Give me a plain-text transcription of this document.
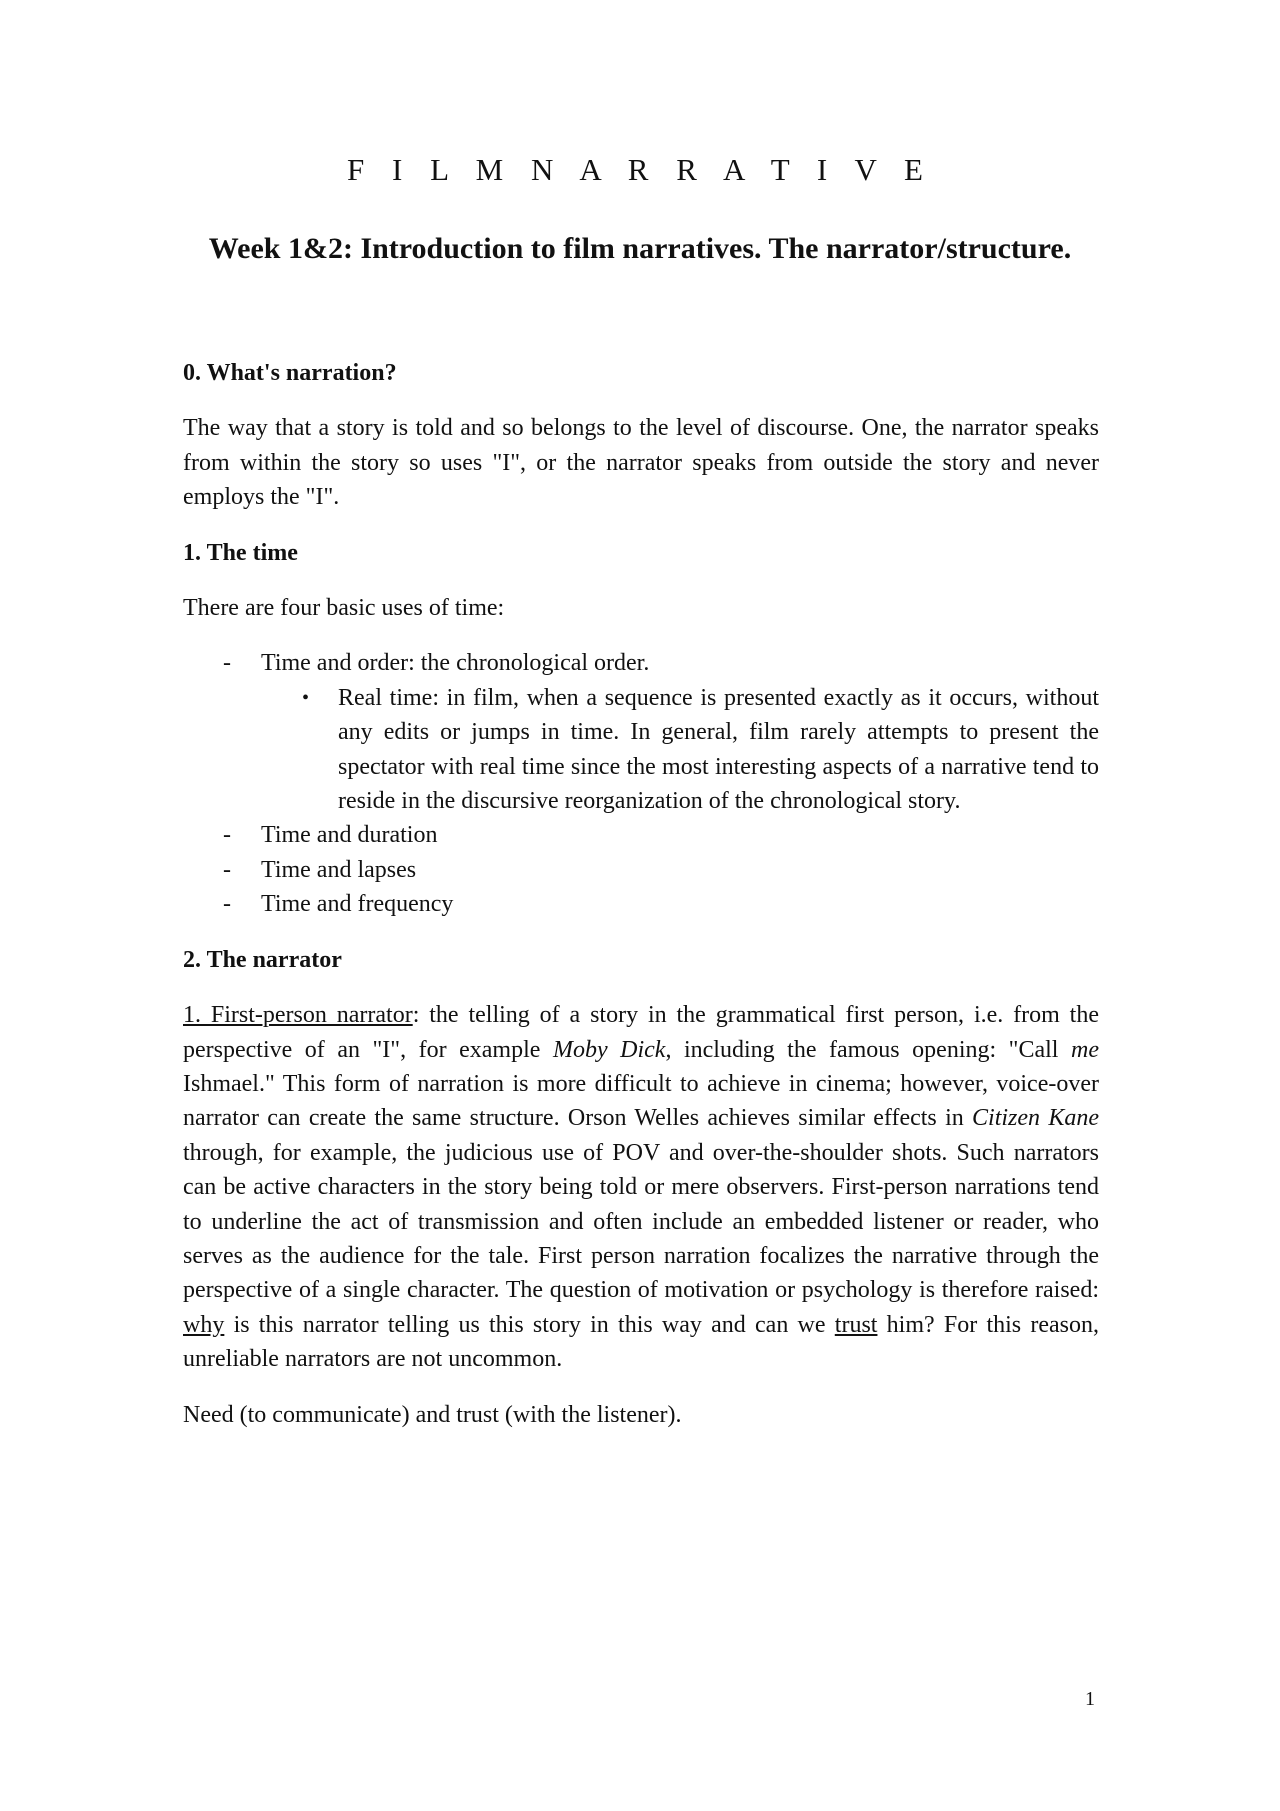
F I L M N A R R A T I V E
Week 1&2: Introduction to film narratives. The narrator/structure.

0. What's narration?

The way that a story is told and so belongs to the level of discourse. One, the narrator speaks from within the story so uses "I", or the narrator speaks from outside the story and never employs the "I".

1. The time

There are four basic uses of time:

- Time and order: the chronological order.
• Real time: in film, when a sequence is presented exactly as it occurs, without any edits or jumps in time. In general, film rarely attempts to present the spectator with real time since the most interesting aspects of a narrative tend to reside in the discursive reorganization of the chronological story.
- Time and duration
- Time and lapses
- Time and frequency

2. The narrator

1. First-person narrator: the telling of a story in the grammatical first person, i.e. from the perspective of an "I", for example Moby Dick, including the famous opening: "Call me Ishmael." This form of narration is more difficult to achieve in cinema; however, voice-over narrator can create the same structure. Orson Welles achieves similar effects in Citizen Kane through, for example, the judicious use of POV and over-the-shoulder shots. Such narrators can be active characters in the story being told or mere observers. First-person narrations tend to underline the act of transmission and often include an embedded listener or reader, who serves as the audience for the tale. First person narration focalizes the narrative through the perspective of a single character. The question of motivation or psychology is therefore raised: why is this narrator telling us this story in this way and can we trust him? For this reason, unreliable narrators are not uncommon.

Need (to communicate) and trust (with the listener).

1
